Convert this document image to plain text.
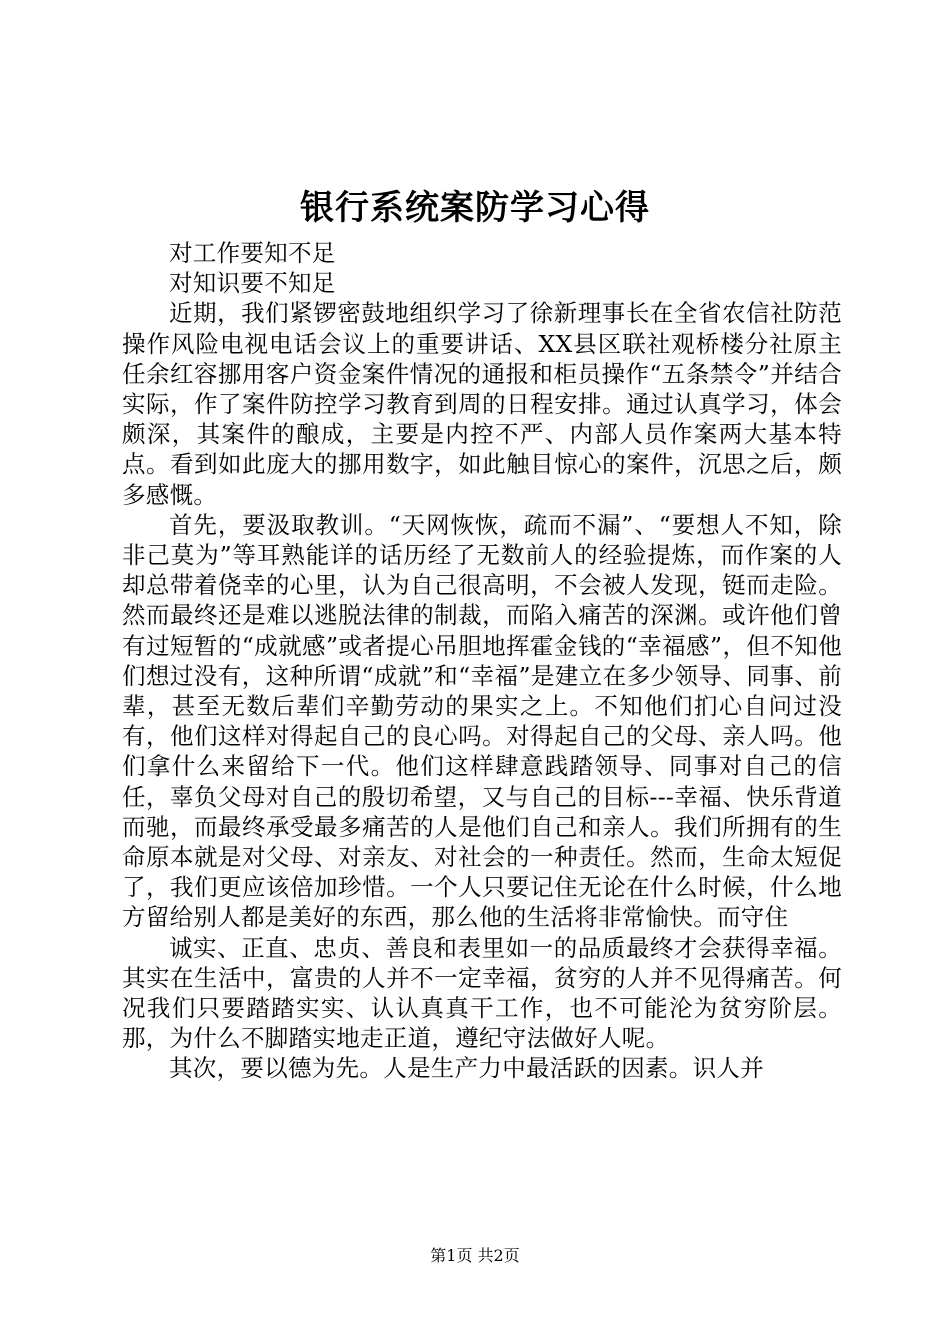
银行系统案防学习心得

对工作要知不足

对知识要不知足

近期，我们紧锣密鼓地组织学习了徐新理事长在全省农信社防范操作风险电视电话会议上的重要讲话、XX县区联社观桥楼分社原主任余红容挪用客户资金案件情况的通报和柜员操作“五条禁令”并结合实际，作了案件防控学习教育到周的日程安排。通过认真学习，体会颇深，其案件的酿成，主要是内控不严、内部人员作案两大基本特点。看到如此庞大的挪用数字，如此触目惊心的案件，沉思之后，颇多感慨。

首先，要汲取教训。“天网恢恢，疏而不漏”、“要想人不知，除非己莫为”等耳熟能详的话历经了无数前人的经验提炼，而作案的人却总带着侥幸的心里，认为自己很高明，不会被人发现，铤而走险。然而最终还是难以逃脱法律的制裁，而陷入痛苦的深渊。或许他们曾有过短暂的“成就感”或者提心吊胆地挥霍金钱的“幸福感”，但不知他们想过没有，这种所谓“成就”和“幸福”是建立在多少领导、同事、前辈，甚至无数后辈们辛勤劳动的果实之上。不知他们扪心自问过没有，他们这样对得起自己的良心吗。对得起自己的父母、亲人吗。他们拿什么来留给下一代。他们这样肆意践踏领导、同事对自己的信任，辜负父母对自己的殷切希望，又与自己的目标---幸福、快乐背道而驰，而最终承受最多痛苦的人是他们自己和亲人。我们所拥有的生命原本就是对父母、对亲友、对社会的一种责任。然而，生命太短促了，我们更应该倍加珍惜。一个人只要记住无论在什么时候，什么地方留给别人都是美好的东西，那么他的生活将非常愉快。而守住

诚实、正直、忠贞、善良和表里如一的品质最终才会获得幸福。其实在生活中，富贵的人并不一定幸福，贫穷的人并不见得痛苦。何况我们只要踏踏实实、认认真真干工作，也不可能沦为贫穷阶层。那，为什么不脚踏实地走正道，遵纪守法做好人呢。

其次，要以德为先。人是生产力中最活跃的因素。识人并

第1页 共2页
